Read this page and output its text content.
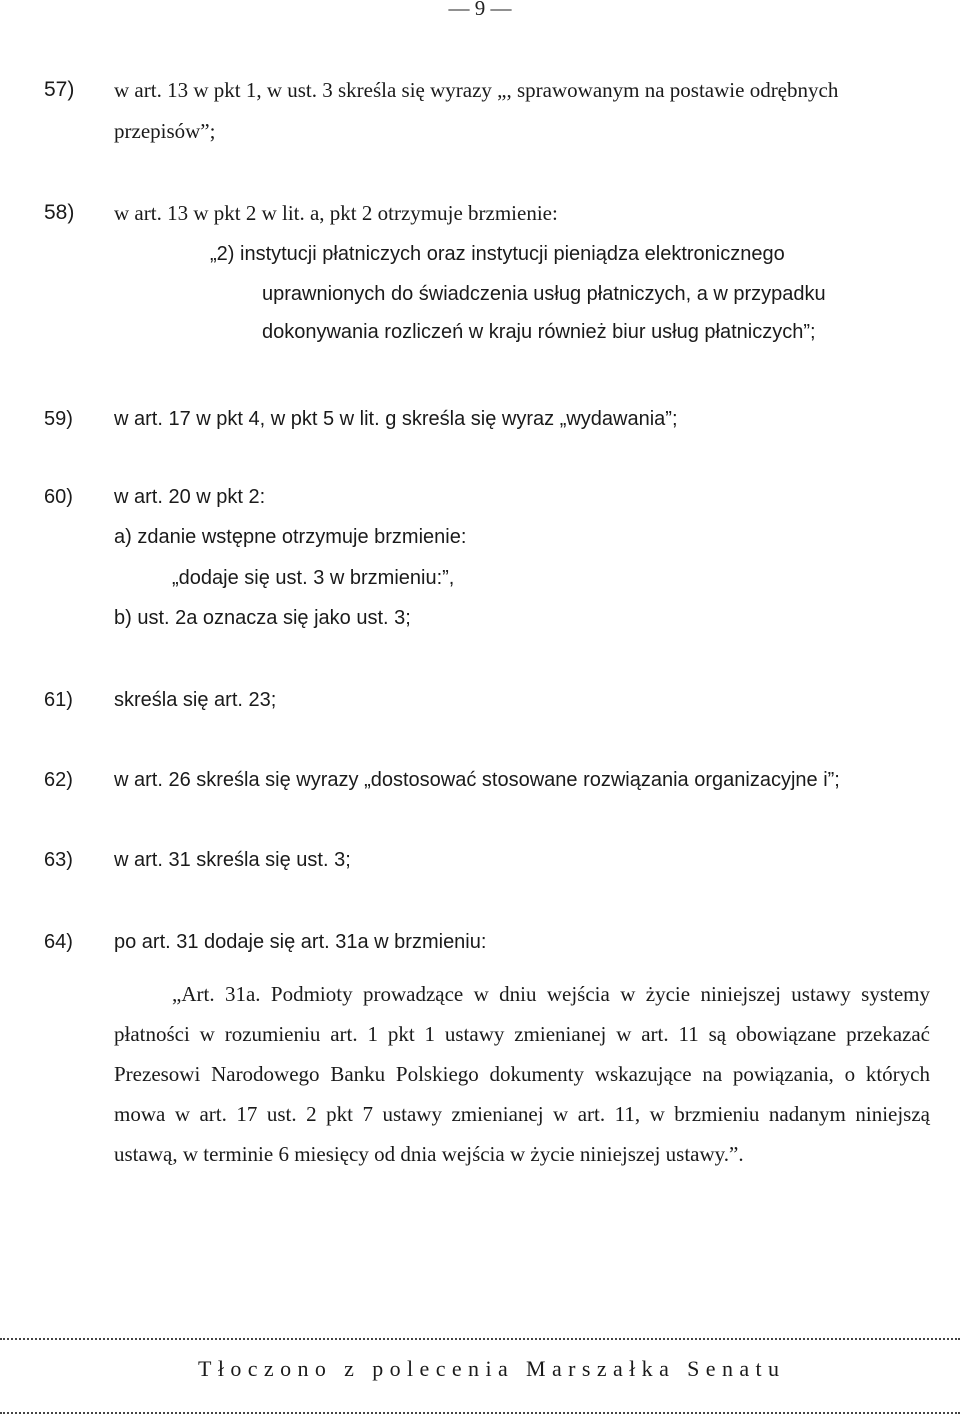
— 9 —
57) w art. 13 w pkt 1, w ust. 3 skreśla się wyrazy „, sprawowanym na postawie odrębnych
przepisów”;
58) w art. 13 w pkt 2 w lit. a, pkt 2 otrzymuje brzmienie:
„2) instytucji płatniczych oraz instytucji pieniądza elektronicznego
uprawnionych do świadczenia usług płatniczych, a w przypadku
dokonywania rozliczeń w kraju również biur usług płatniczych”;
59) w art. 17 w pkt 4, w pkt 5 w lit. g skreśla się wyraz „wydawania”;
60) w art. 20 w pkt 2:
a) zdanie wstępne otrzymuje brzmienie:
„dodaje się ust. 3 w brzmieniu:”,
b) ust. 2a oznacza się jako ust. 3;
61) skreśla się art. 23;
62) w art. 26 skreśla się wyrazy „dostosować stosowane rozwiązania organizacyjne i”;
63) w art. 31 skreśla się ust. 3;
64) po art. 31 dodaje się art. 31a w brzmieniu:
„Art. 31a. Podmioty prowadzące w dniu wejścia w życie niniejszej ustawy systemy płatności w rozumieniu art. 1 pkt 1 ustawy zmienianej w art. 11 są obowiązane przekazać Prezesowi Narodowego Banku Polskiego dokumenty wskazujące na powiązania, o których mowa w art. 17 ust. 2 pkt 7 ustawy zmienianej w art. 11, w brzmieniu nadanym niniejszą ustawą, w terminie 6 miesięcy od dnia wejścia w życie niniejszej ustawy.”.
Tłoczono z polecenia Marszałka Senatu
